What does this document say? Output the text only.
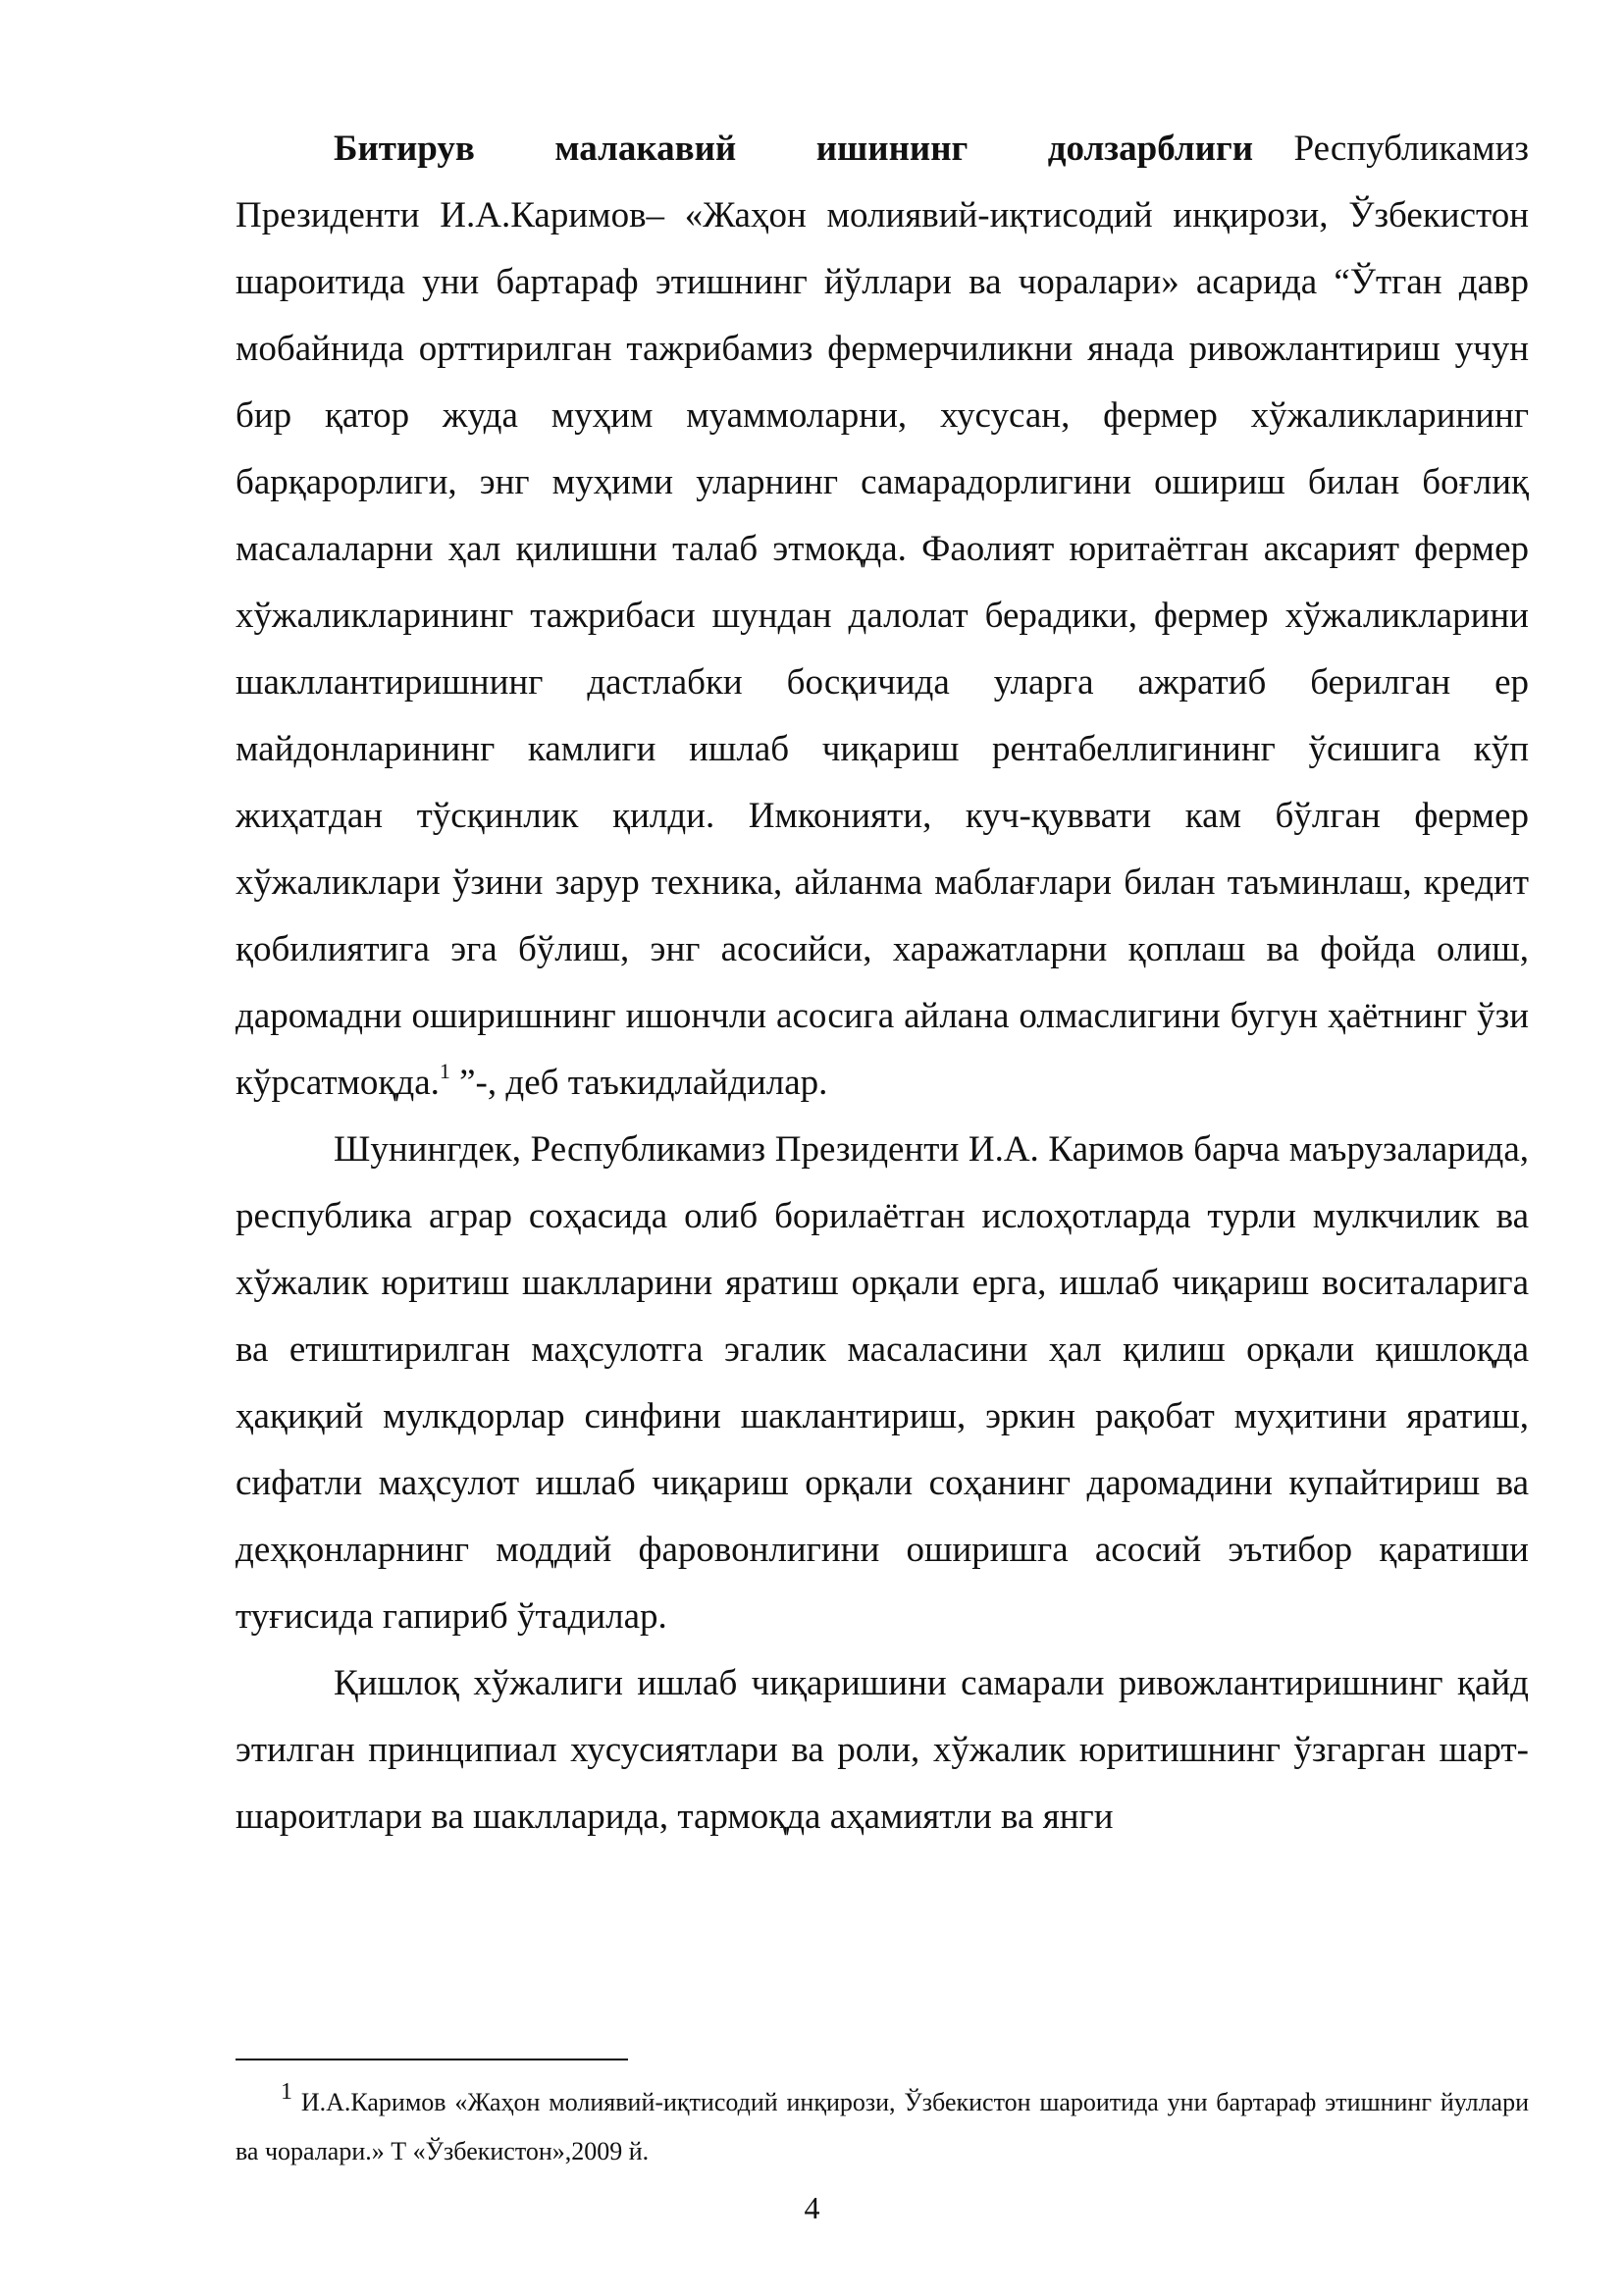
Битирув малакавий ишининг долзарблиги Республикамиз Президенти И.А.Каримов– «Жаҳон молиявий-иқтисодий инқирози, Ўзбекистон шароитида уни бартараф этишнинг йўллари ва чоралари» асарида “Ўтган давр мобайнида орттирилган тажрибамиз фермерчиликни янада ривожлантириш учун бир қатор жуда муҳим муаммоларни, хусусан, фермер хўжаликларининг барқарорлиги, энг муҳими уларнинг самарадорлигини ошириш билан боғлиқ масалаларни ҳал қилишни талаб этмоқда. Фаолият юритаётган аксарият фермер хўжаликларининг тажрибаси шундан далолат берадики, фермер хўжаликларини шакллантиришнинг дастлабки босқичида уларга ажратиб берилган ер майдонларининг камлиги ишлаб чиқариш рентабеллигининг ўсишига кўп жиҳатдан тўсқинлик қилди. Имконияти, куч-қуввати кам бўлган фермер хўжаликлари ўзини зарур техника, айланма маблағлари билан таъминлаш, кредит қобилиятига эга бўлиш, энг асосийси, харажатларни қоплаш ва фойда олиш, даромадни оширишнинг ишончли асосига айлана олмаслигини бугун ҳаётнинг ўзи кўрсатмоқда.$^1$ ”-, деб таъкидлайдилар.

Шунингдек, Республикамиз Президенти И.А. Каримов барча маърузаларида, республика аграр соҳасида олиб борилаётган ислоҳотларда турли мулкчилик ва хўжалик юритиш шаклларини яратиш орқали ерга, ишлаб чиқариш воситаларига ва етиштирилган маҳсулотга эгалик масаласини ҳал қилиш орқали қишлоқда ҳақиқий мулкдорлар синфини шаклантириш, эркин рақобат муҳитини яратиш, сифатли маҳсулот ишлаб чиқариш орқали соҳанинг даромадини купайтириш ва деҳқонларнинг моддий фаровонлигини оширишга асосий эътибор қаратиши туғисида гапириб ўтадилар.

Қишлоқ хўжалиги ишлаб чиқаришини самарали ривожлантиришнинг қайд этилган принципиал хусусиятлари ва роли, хўжалик юритишнинг ўзгарган шарт-шароитлари ва шаклларида, тармоқда аҳамиятли ва янги

$^1$ И.А.Каримов «Жаҳон молиявий-иқтисодий инқирози, Ўзбекистон шароитида уни бартараф этишнинг йуллари ва чоралари.» Т «Ўзбекистон»,2009 й.

4
